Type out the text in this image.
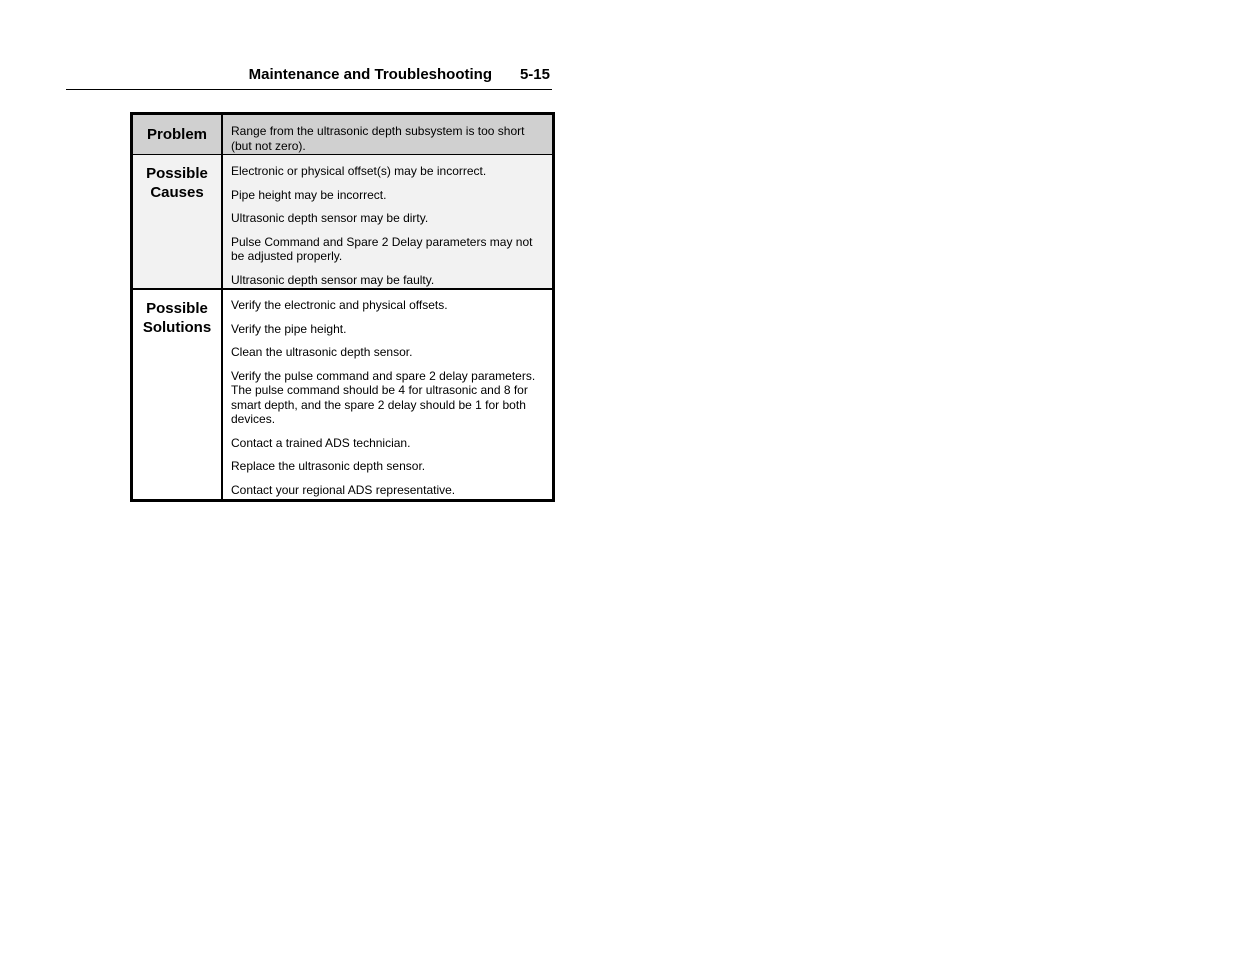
Maintenance and Troubleshooting 5-15
Problem	Range from the ultrasonic depth subsystem is too short (but not zero).
Possible
Causes
Electronic or physical offset(s) may be incorrect.
Pipe height may be incorrect.
Ultrasonic depth sensor may be dirty.
Pulse Command and Spare 2 Delay parameters may not be adjusted properly.
Ultrasonic depth sensor may be faulty.
Possible
Solutions
Verify the electronic and physical offsets.
Verify the pipe height.
Clean the ultrasonic depth sensor.
Verify the pulse command and spare 2 delay parameters. The pulse command should be 4 for ultrasonic and 8 for smart depth, and the spare 2 delay should be 1 for both devices.
Contact a trained ADS technician.
Replace the ultrasonic depth sensor.
Contact your regional ADS representative.
